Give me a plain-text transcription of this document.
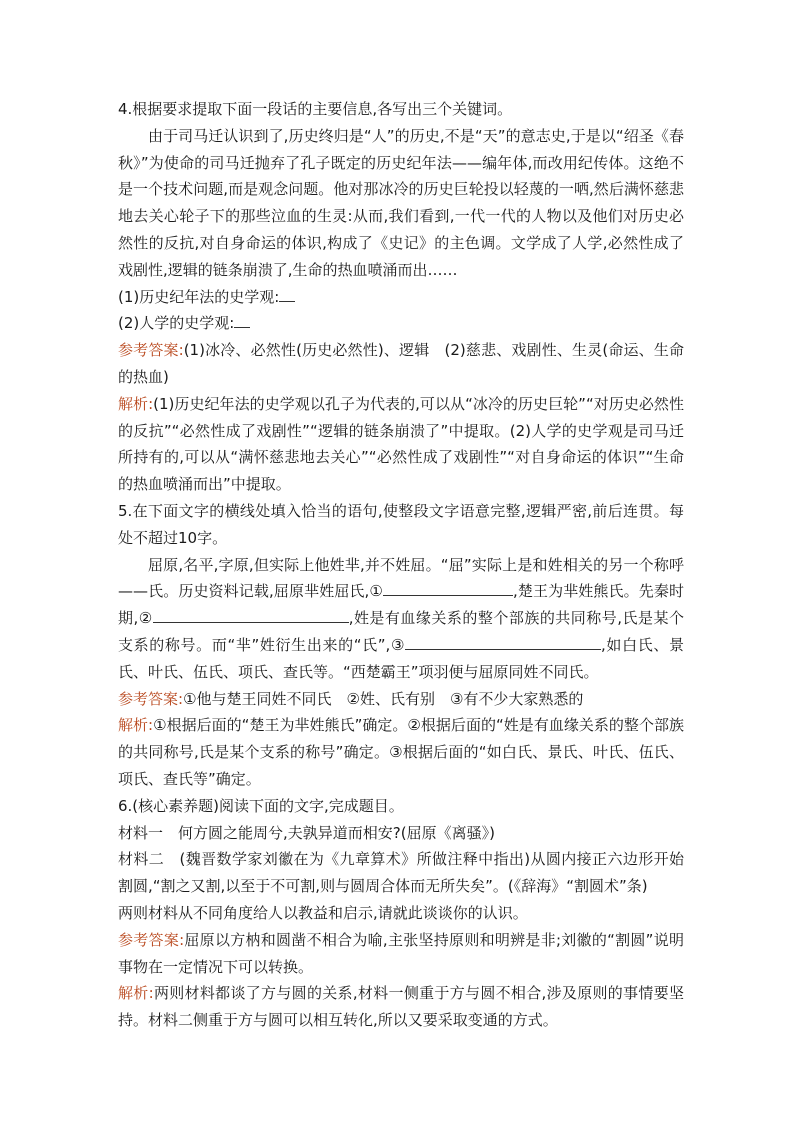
4.根据要求提取下面一段话的主要信息,各写出三个关键词。

由于司马迁认识到了,历史终归是“人”的历史,不是“天”的意志史,于是以“绍圣《春秋》”为使命的司马迁抛弃了孔子既定的历史纪年法——编年体,而改用纪传体。这绝不是一个技术问题,而是观念问题。他对那冰冷的历史巨轮投以轻蔑的一哂,然后满怀慈悲地去关心轮子下的那些泣血的生灵:从而,我们看到,一代一代的人物以及他们对历史必然性的反抗,对自身命运的体识,构成了《史记》的主色调。文学成了人学,必然性成了戏剧性,逻辑的链条崩溃了,生命的热血喷涌而出……

(1)历史纪年法的史学观:

(2)人学的史学观:

参考答案:(1)冰冷、必然性(历史必然性)、逻辑　(2)慈悲、戏剧性、生灵(命运、生命的热血)

解析:(1)历史纪年法的史学观以孔子为代表的,可以从“冰冷的历史巨轮”“对历史必然性的反抗”“必然性成了戏剧性”“逻辑的链条崩溃了”中提取。(2)人学的史学观是司马迁所持有的,可以从“满怀慈悲地去关心”“必然性成了戏剧性”“对自身命运的体识”“生命的热血喷涌而出”中提取。

5.在下面文字的横线处填入恰当的语句,使整段文字语意完整,逻辑严密,前后连贯。每处不超过10字。

屈原,名平,字原,但实际上他姓芈,并不姓屈。“屈”实际上是和姓相关的另一个称呼——氏。历史资料记载,屈原芈姓屈氏,①	,楚王为芈姓熊氏。先秦时期,②	,姓是有血缘关系的整个部族的共同称号,氏是某个支系的称号。而“芈”姓衍生出来的“氏”,③	,如白氏、景氏、叶氏、伍氏、项氏、查氏等。“西楚霸王”项羽便与屈原同姓不同氏。

参考答案:①他与楚王同姓不同氏　②姓、氏有别　③有不少大家熟悉的

解析:①根据后面的“楚王为芈姓熊氏”确定。②根据后面的“姓是有血缘关系的整个部族的共同称号,氏是某个支系的称号”确定。③根据后面的“如白氏、景氏、叶氏、伍氏、项氏、查氏等”确定。

6.(核心素养题)阅读下面的文字,完成题目。

材料一　何方圆之能周兮,夫孰异道而相安?(屈原《离骚》)

材料二　(魏晋数学家刘徽在为《九章算术》所做注释中指出)从圆内接正六边形开始割圆,“割之又割,以至于不可割,则与圆周合体而无所失矣”。(《辞海》“割圆术”条)

两则材料从不同角度给人以教益和启示,请就此谈谈你的认识。

参考答案:屈原以方枘和圆凿不相合为喻,主张坚持原则和明辨是非;刘徽的“割圆”说明事物在一定情况下可以转换。

解析:两则材料都谈了方与圆的关系,材料一侧重于方与圆不相合,涉及原则的事情要坚持。材料二侧重于方与圆可以相互转化,所以又要采取变通的方式。
